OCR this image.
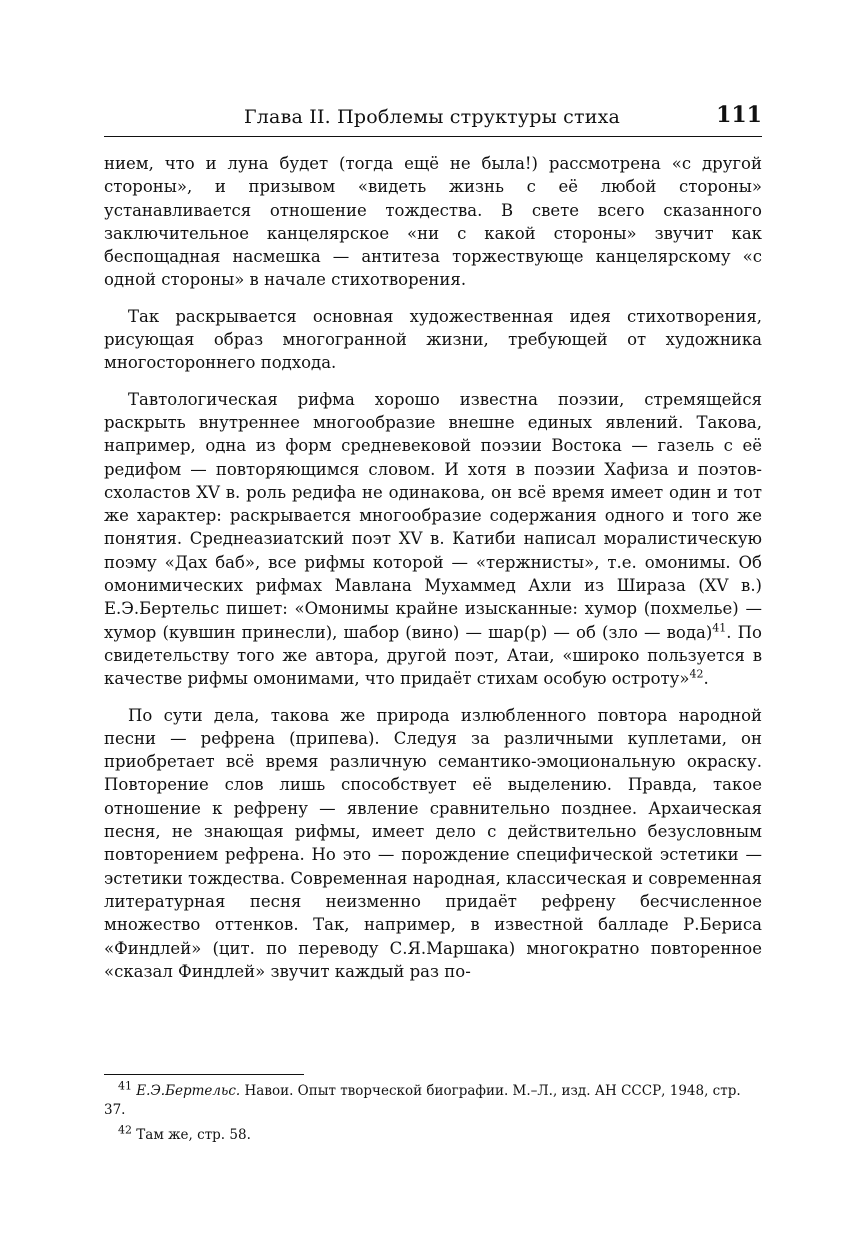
Глава II. Проблемы структуры стиха	111

нием, что и луна будет (тогда ещё не была!) рассмотрена «с другой стороны», и призывом «видеть жизнь с её любой стороны» устанавливается отношение тождества. В свете всего сказанного заключительное канцелярское «ни с какой стороны» звучит как беспощадная насмешка — антитеза торжествующе канцелярскому «с одной стороны» в начале стихотворения.

Так раскрывается основная художественная идея стихотворения, рисующая образ многогранной жизни, требующей от художника многостороннего подхода.

Тавтологическая рифма хорошо известна поэзии, стремящейся раскрыть внутреннее многообразие внешне единых явлений. Такова, например, одна из форм средневековой поэзии Востока — газель с её редифом — повторяющимся словом. И хотя в поэзии Хафиза и поэтов-схоластов XV в. роль редифа не одинакова, он всё время имеет один и тот же характер: раскрывается многообразие содержания одного и того же понятия. Среднеазиатский поэт XV в. Катиби написал моралистическую поэму «Дах баб», все рифмы которой — «тержнисты», т.е. омонимы. Об омонимических рифмах Мавлана Мухаммед Ахли из Шираза (XV в.) Е.Э.Бертельс пишет: «Омонимы крайне изысканные: хумор (похмелье) — хумор (кувшин принесли), шабор (вино) — шар(р) — об (зло — вода)$^{41}$. По свидетельству того же автора, другой поэт, Атаи, «широко пользуется в качестве рифмы омонимами, что придаёт стихам особую остроту»$^{42}$.

По сути дела, такова же природа излюбленного повтора народной песни — рефрена (припева). Следуя за различными куплетами, он приобретает всё время различную семантико-эмоциональную окраску. Повторение слов лишь способствует её выделению. Правда, такое отношение к рефрену — явление сравнительно позднее. Архаическая песня, не знающая рифмы, имеет дело с действительно безусловным повторением рефрена. Но это — порождение специфической эстетики — эстетики тождества. Современная народная, классическая и современная литературная песня неизменно придаёт рефрену бесчисленное множество оттенков. Так, например, в известной балладе Р.Бериса «Финдлей» (цит. по переводу С.Я.Маршака) многократно повторенное «сказал Финдлей» звучит каждый раз по-

$^{41}$ Е.Э.Бертельс. Навои. Опыт творческой биографии. М.–Л., изд. АН СССР, 1948, стр. 37.

$^{42}$ Там же, стр. 58.
